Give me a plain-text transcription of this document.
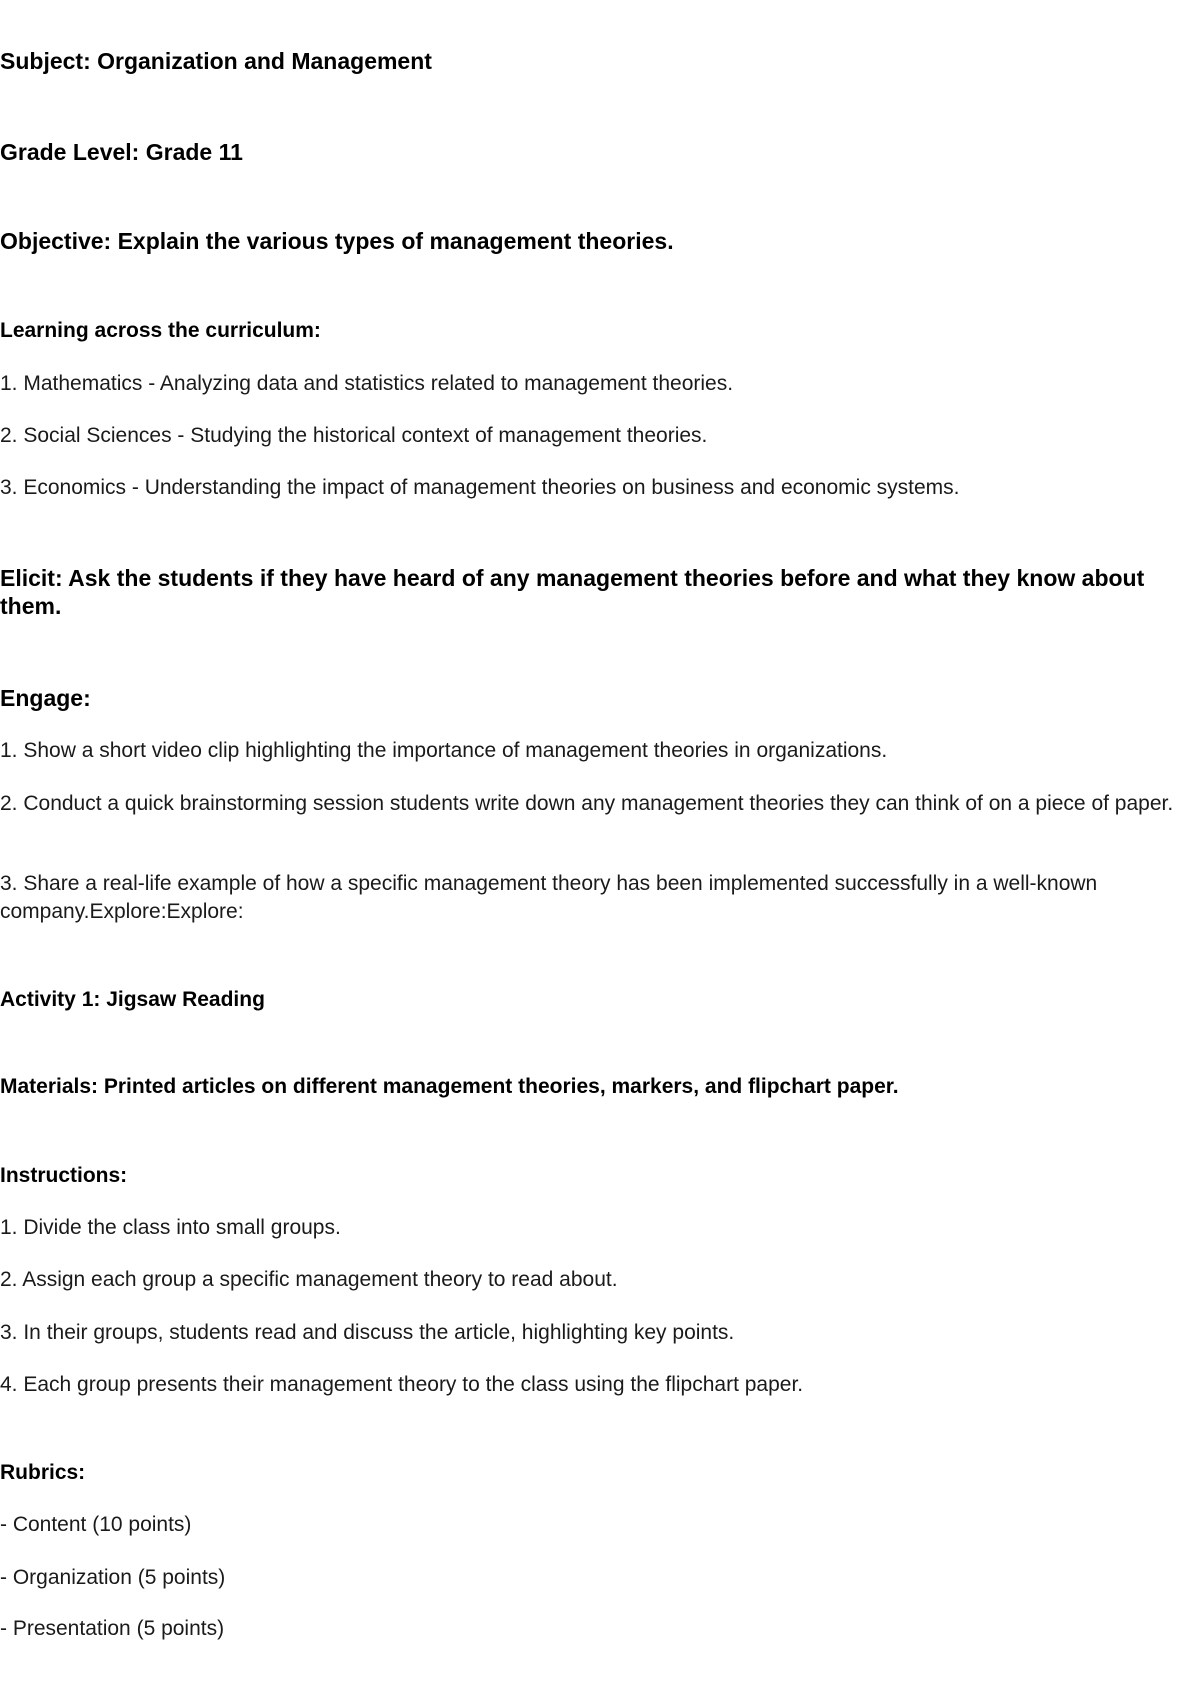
Subject: Organization and Management

Grade Level: Grade 11

Objective: Explain the various types of management theories.

Learning across the curriculum:

1. Mathematics - Analyzing data and statistics related to management theories.

2. Social Sciences - Studying the historical context of management theories.

3. Economics - Understanding the impact of management theories on business and economic systems.

Elicit: Ask the students if they have heard of any management theories before and what they know about them.

Engage:

1. Show a short video clip highlighting the importance of management theories in organizations.

2. Conduct a quick brainstorming session students write down any management theories they can think of on a piece of paper.

3. Share a real-life example of how a specific management theory has been implemented successfully in a well-known company.Explore:Explore:

Activity 1: Jigsaw Reading

Materials: Printed articles on different management theories, markers, and flipchart paper.

Instructions:

1. Divide the class into small groups.

2. Assign each group a specific management theory to read about.

3. In their groups, students read and discuss the article, highlighting key points.

4. Each group presents their management theory to the class using the flipchart paper.

Rubrics:

- Content (10 points)

- Organization (5 points)

- Presentation (5 points)
